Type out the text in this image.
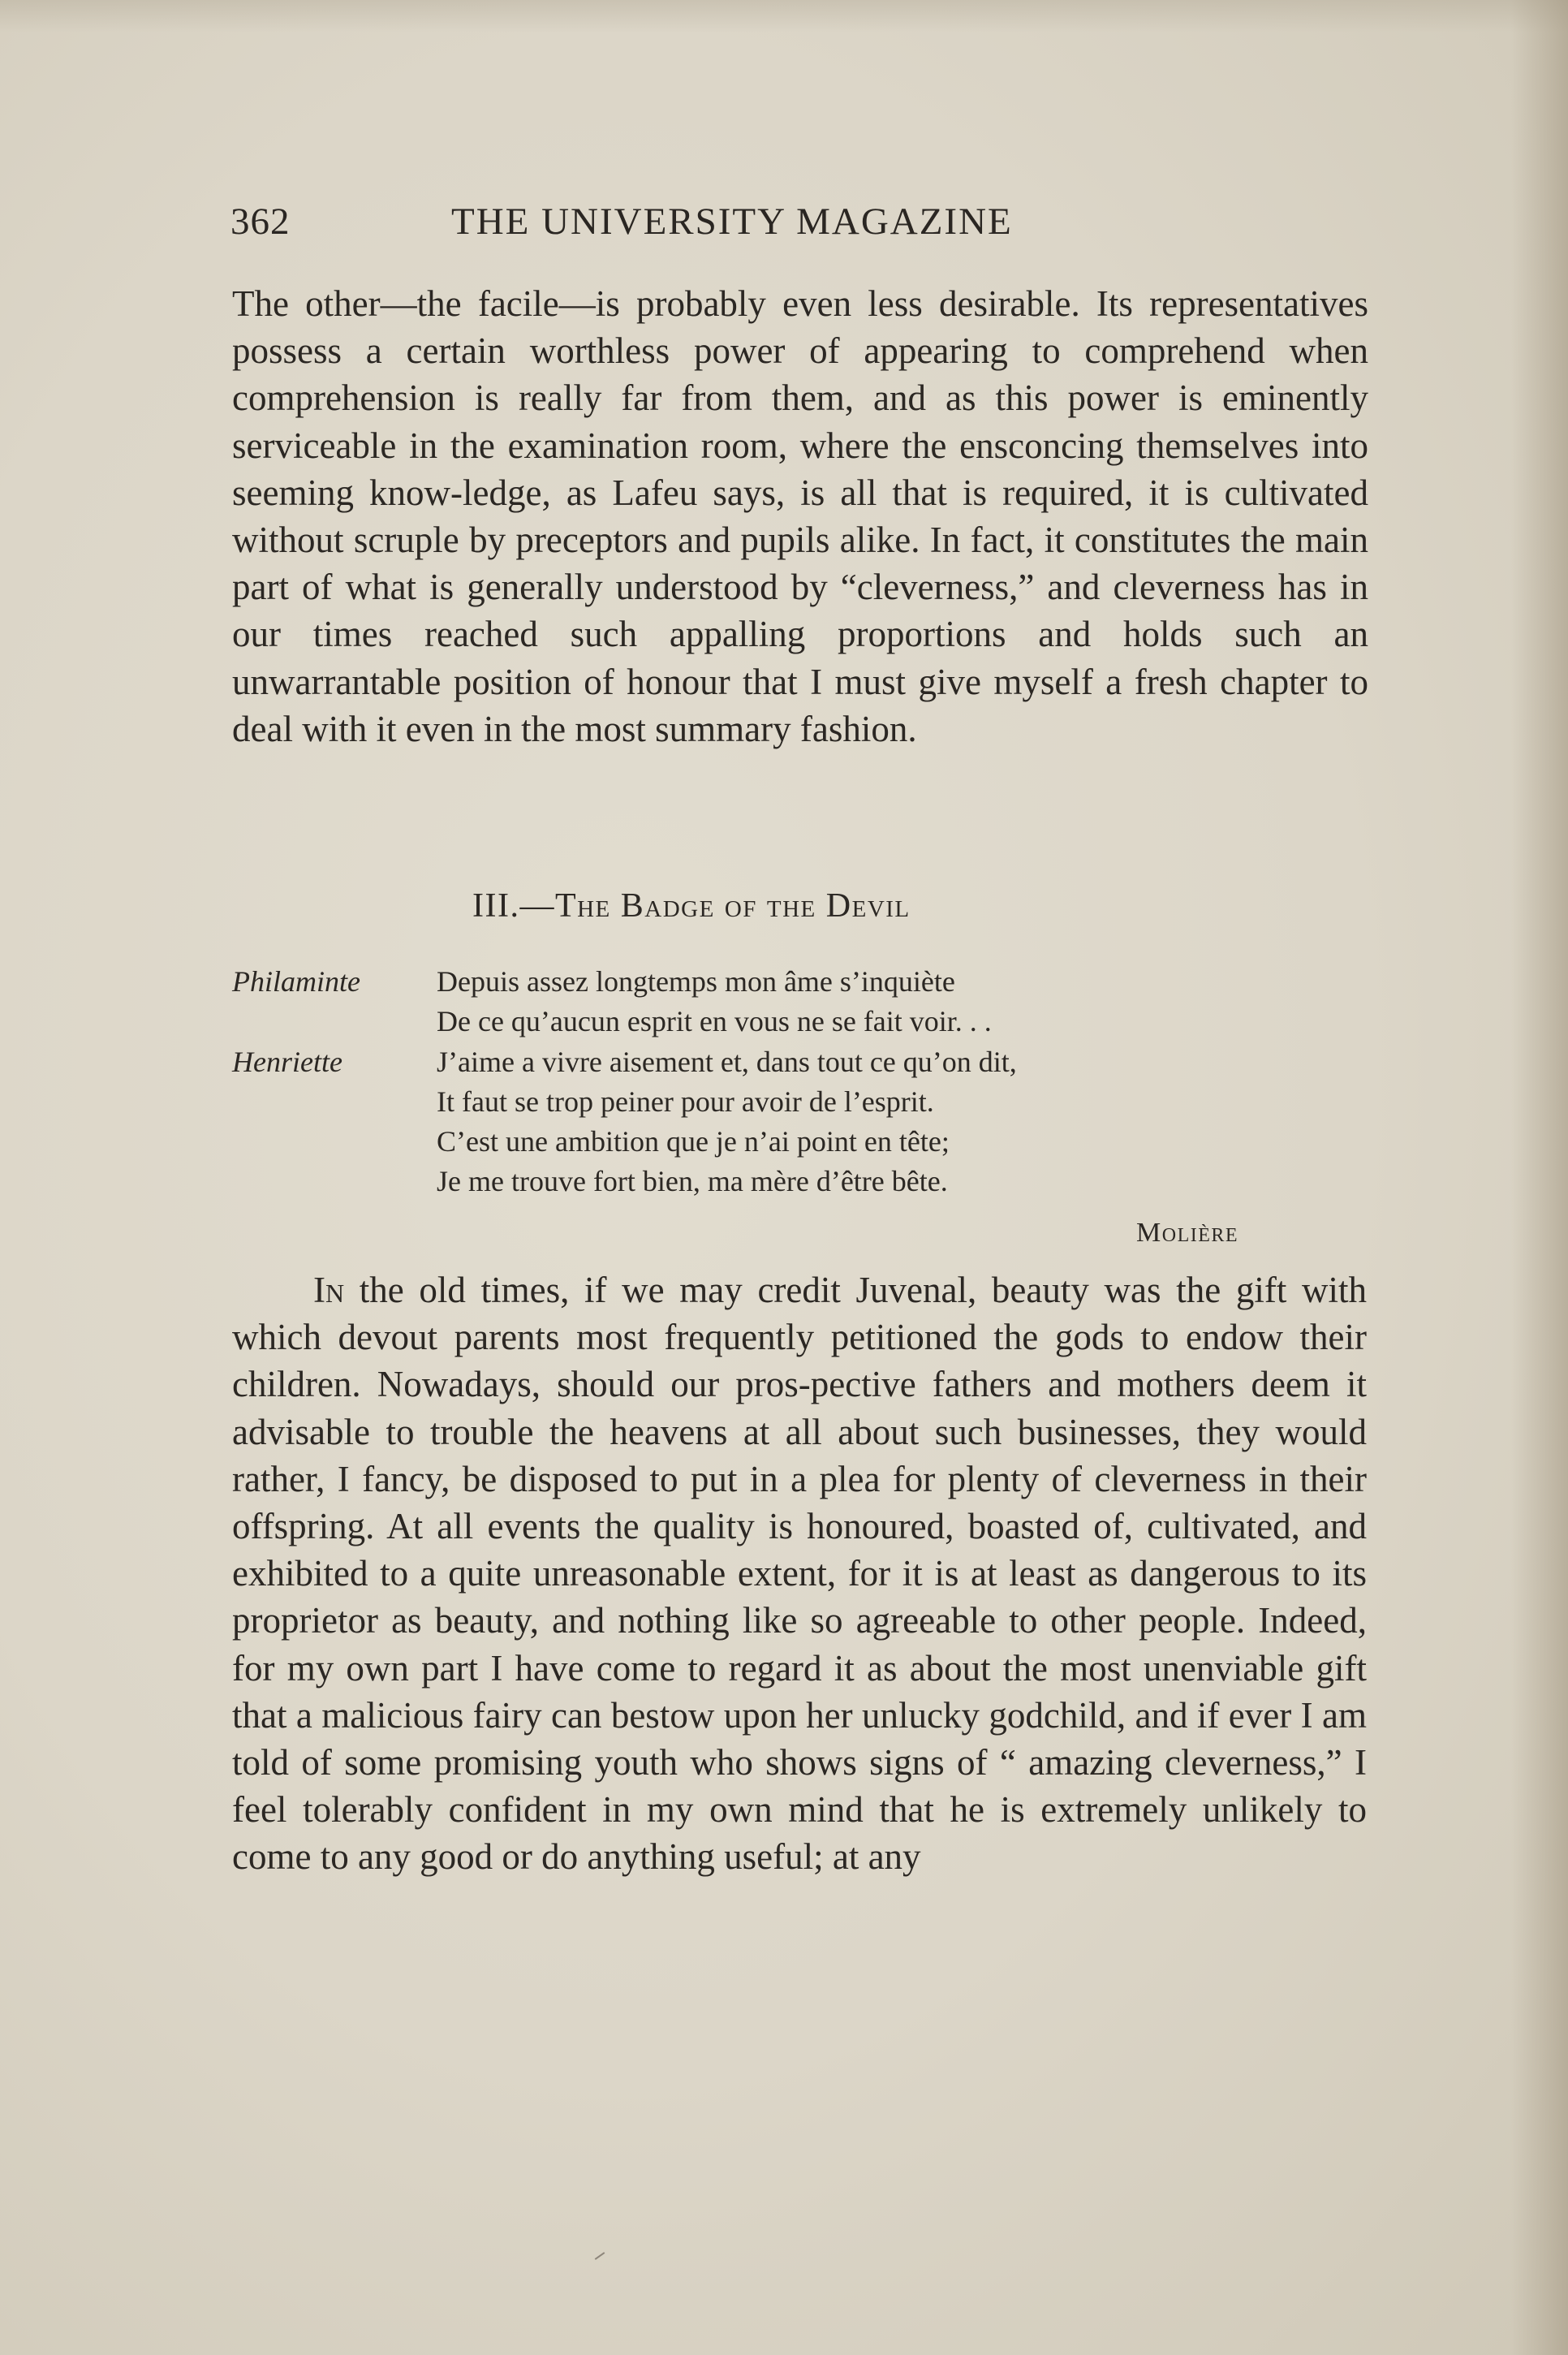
362	THE UNIVERSITY MAGAZINE

The other—the facile—is probably even less desirable. Its representatives possess a certain worthless power of appearing to comprehend when comprehension is really far from them, and as this power is eminently serviceable in the examination room, where the ensconcing themselves into seeming know-ledge, as Lafeu says, is all that is required, it is cultivated without scruple by preceptors and pupils alike. In fact, it constitutes the main part of what is generally understood by “cleverness,” and cleverness has in our times reached such appalling proportions and holds such an unwarrantable position of honour that I must give myself a fresh chapter to deal with it even in the most summary fashion.

III.—The Badge of the Devil
Philaminte	Depuis assez longtemps mon âme s’inquiète
De ce qu’aucun esprit en vous ne se fait voir. . .
Henriette	J’aime a vivre aisement et, dans tout ce qu’on dit,
It faut se trop peiner pour avoir de l’esprit.
C’est une ambition que je n’ai point en tête;
Je me trouve fort bien, ma mère d’être bête.
Molière

In the old times, if we may credit Juvenal, beauty was the gift with which devout parents most frequently petitioned the gods to endow their children. Nowadays, should our pros-pective fathers and mothers deem it advisable to trouble the heavens at all about such businesses, they would rather, I fancy, be disposed to put in a plea for plenty of cleverness in their offspring. At all events the quality is honoured, boasted of, cultivated, and exhibited to a quite unreasonable extent, for it is at least as dangerous to its proprietor as beauty, and nothing like so agreeable to other people. Indeed, for my own part I have come to regard it as about the most unenviable gift that a malicious fairy can bestow upon her unlucky godchild, and if ever I am told of some promising youth who shows signs of “ amazing cleverness,” I feel tolerably confident in my own mind that he is extremely unlikely to come to any good or do anything useful; at any
